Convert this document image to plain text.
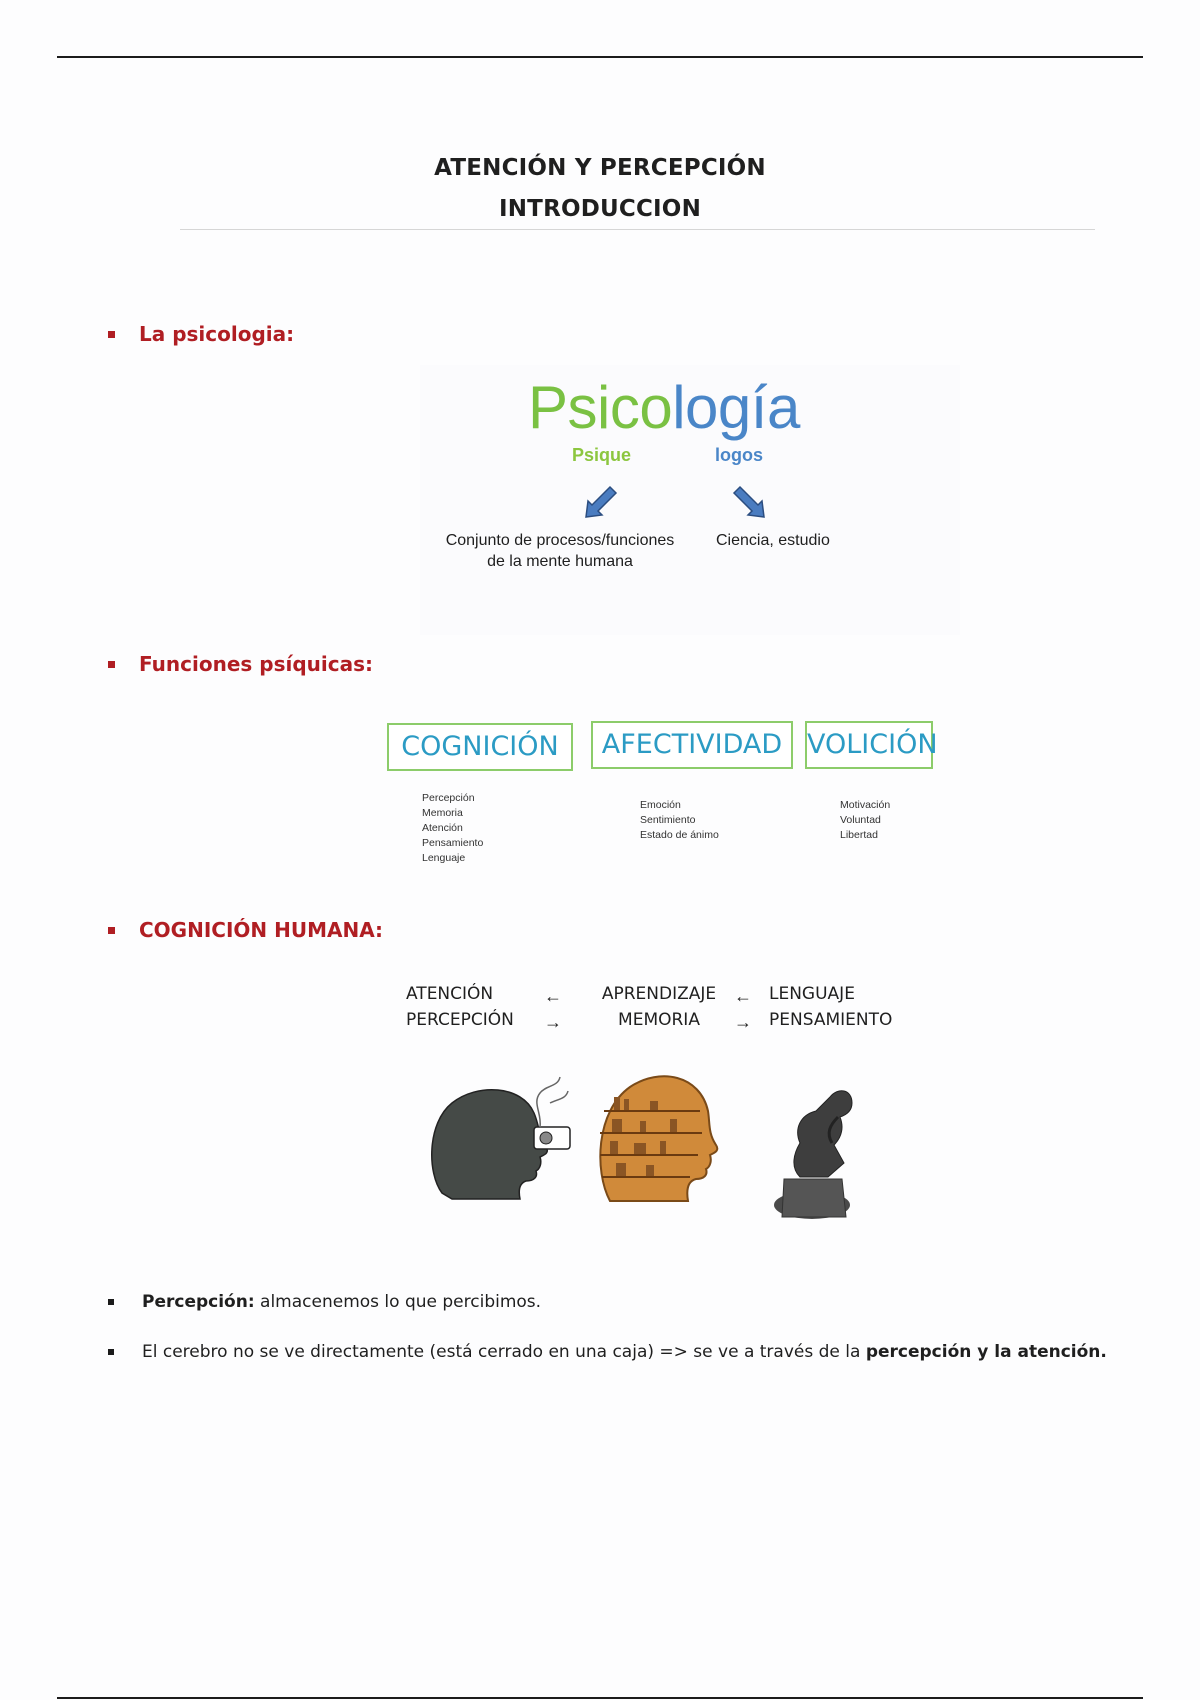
ATENCIÓN Y PERCEPCIÓN
INTRODUCCION
La psicologia:
Psicología
Psique	logos
Conjunto de procesos/funciones de la mente humana
Ciencia, estudio
Funciones psíquicas:
COGNICIÓN	AFECTIVIDAD VOLICIÓN
Percepción
Memoria
Atención
Pensamiento
Lenguaje
Emoción
Sentimiento
Estado de ánimo
Motivación
Voluntad
Libertad
COGNICIÓN HUMANA:
ATENCIÓN
PERCEPCIÓN
←
→
APRENDIZAJE
MEMORIA
←
→
LENGUAJE
PENSAMIENTO
Percepción: almacenemos lo que percibimos.
El cerebro no se ve directamente (está cerrado en una caja) => se ve a través de la percepción y la atención.
